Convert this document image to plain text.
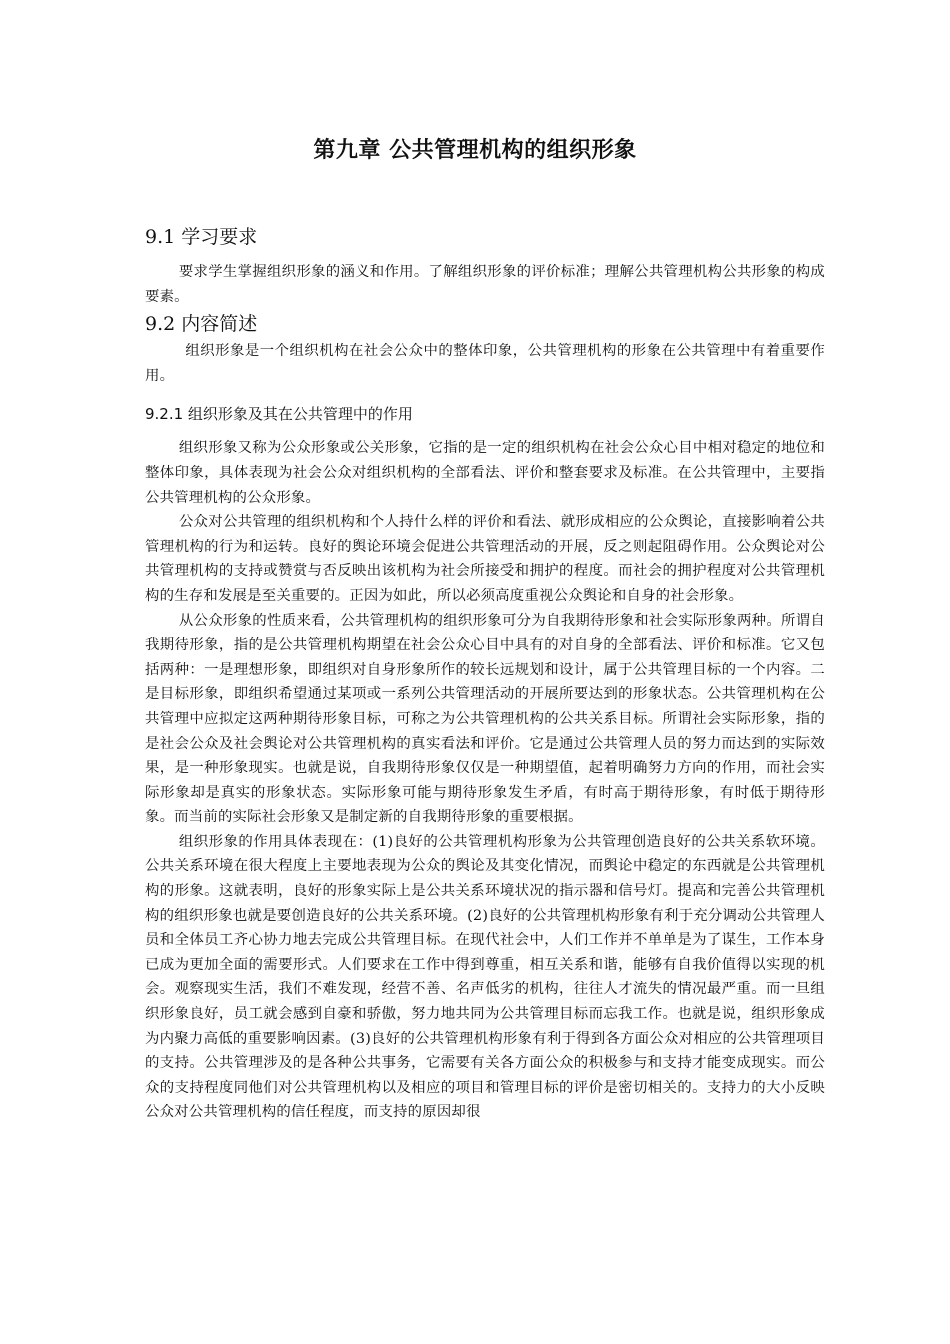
第九章 公共管理机构的组织形象
9.1 学习要求

要求学生掌握组织形象的涵义和作用。了解组织形象的评价标准；理解公共管理机构公共形象的构成要素。

9.2 内容简述

组织形象是一个组织机构在社会公众中的整体印象，公共管理机构的形象在公共管理中有着重要作用。

9.2.1 组织形象及其在公共管理中的作用

组织形象又称为公众形象或公关形象，它指的是一定的组织机构在社会公众心目中相对稳定的地位和整体印象，具体表现为社会公众对组织机构的全部看法、评价和整套要求及标准。在公共管理中，主要指公共管理机构的公众形象。

公众对公共管理的组织机构和个人持什么样的评价和看法、就形成相应的公众舆论，直接影响着公共管理机构的行为和运转。良好的舆论环境会促进公共管理活动的开展，反之则起阻碍作用。公众舆论对公共管理机构的支持或赞赏与否反映出该机构为社会所接受和拥护的程度。而社会的拥护程度对公共管理机构的生存和发展是至关重要的。正因为如此，所以必须高度重视公众舆论和自身的社会形象。

从公众形象的性质来看，公共管理机构的组织形象可分为自我期待形象和社会实际形象两种。所谓自我期待形象，指的是公共管理机构期望在社会公众心目中具有的对自身的全部看法、评价和标准。它又包括两种：一是理想形象，即组织对自身形象所作的较长远规划和设计，属于公共管理目标的一个内容。二是目标形象，即组织希望通过某项或一系列公共管理活动的开展所要达到的形象状态。公共管理机构在公共管理中应拟定这两种期待形象目标，可称之为公共管理机构的公共关系目标。所谓社会实际形象，指的是社会公众及社会舆论对公共管理机构的真实看法和评价。它是通过公共管理人员的努力而达到的实际效果，是一种形象现实。也就是说，自我期待形象仅仅是一种期望值，起着明确努力方向的作用，而社会实际形象却是真实的形象状态。实际形象可能与期待形象发生矛盾，有时高于期待形象，有时低于期待形象。而当前的实际社会形象又是制定新的自我期待形象的重要根据。

组织形象的作用具体表现在：(1)良好的公共管理机构形象为公共管理创造良好的公共关系软环境。公共关系环境在很大程度上主要地表现为公众的舆论及其变化情况，而舆论中稳定的东西就是公共管理机构的形象。这就表明，良好的形象实际上是公共关系环境状况的指示器和信号灯。提高和完善公共管理机构的组织形象也就是要创造良好的公共关系环境。(2)良好的公共管理机构形象有利于充分调动公共管理人员和全体员工齐心协力地去完成公共管理目标。在现代社会中，人们工作并不单单是为了谋生，工作本身已成为更加全面的需要形式。人们要求在工作中得到尊重，相互关系和谐，能够有自我价值得以实现的机会。观察现实生活，我们不难发现，经营不善、名声低劣的机构，往往人才流失的情况最严重。而一旦组织形象良好，员工就会感到自豪和骄傲，努力地共同为公共管理目标而忘我工作。也就是说，组织形象成为内聚力高低的重要影响因素。(3)良好的公共管理机构形象有利于得到各方面公众对相应的公共管理项目的支持。公共管理涉及的是各种公共事务，它需要有关各方面公众的积极参与和支持才能变成现实。而公众的支持程度同他们对公共管理机构以及相应的项目和管理目标的评价是密切相关的。支持力的大小反映公众对公共管理机构的信任程度，而支持的原因却很
